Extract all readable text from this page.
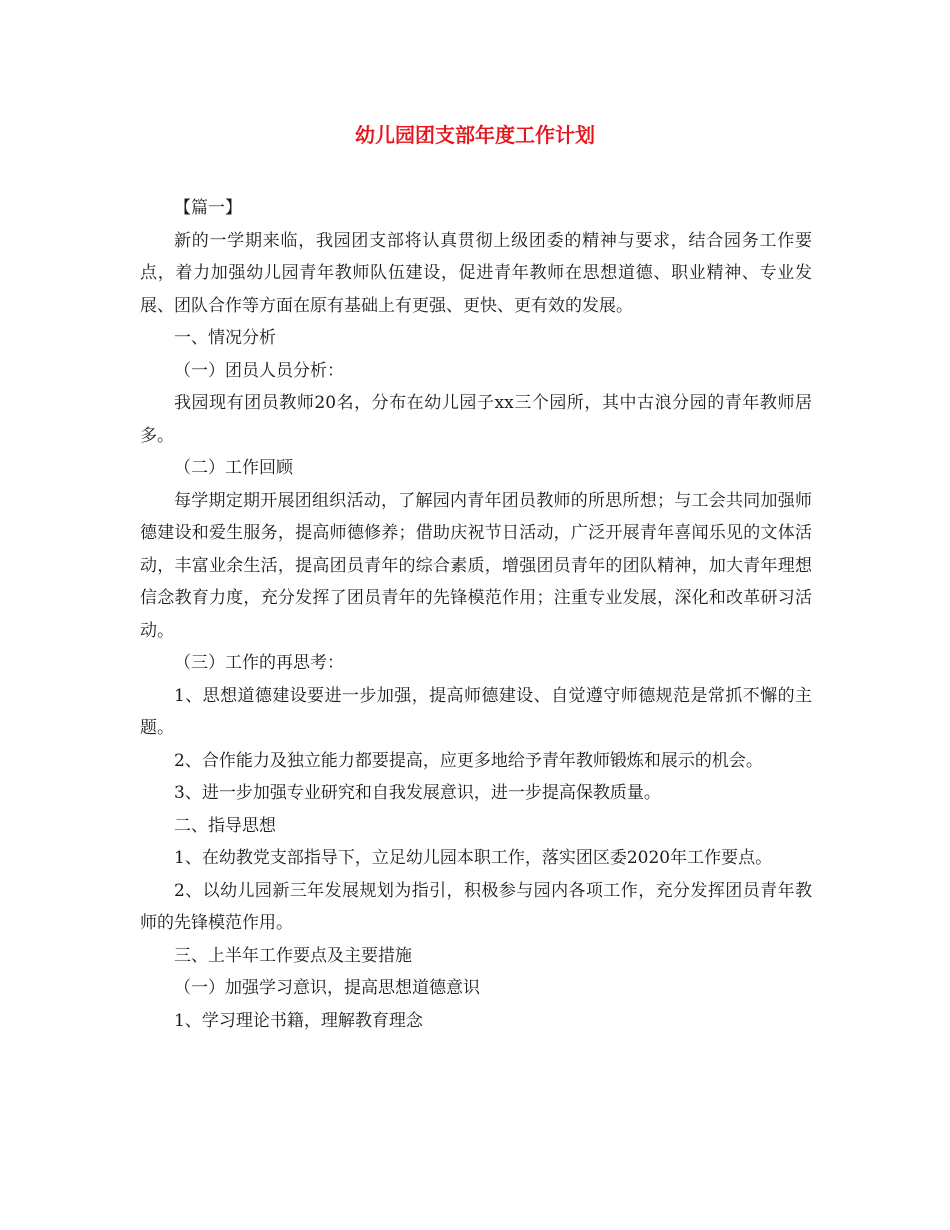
幼儿园团支部年度工作计划

【篇一】

新的一学期来临，我园团支部将认真贯彻上级团委的精神与要求，结合园务工作要点，着力加强幼儿园青年教师队伍建设，促进青年教师在思想道德、职业精神、专业发展、团队合作等方面在原有基础上有更强、更快、更有效的发展。

一、情况分析

（一）团员人员分析：

我园现有团员教师20名，分布在幼儿园子xx三个园所，其中古浪分园的青年教师居多。

（二）工作回顾

每学期定期开展团组织活动，了解园内青年团员教师的所思所想；与工会共同加强师德建设和爱生服务，提高师德修养；借助庆祝节日活动，广泛开展青年喜闻乐见的文体活动，丰富业余生活，提高团员青年的综合素质，增强团员青年的团队精神，加大青年理想信念教育力度，充分发挥了团员青年的先锋模范作用；注重专业发展，深化和改革研习活动。

（三）工作的再思考：

1、思想道德建设要进一步加强，提高师德建设、自觉遵守师德规范是常抓不懈的主题。

2、合作能力及独立能力都要提高，应更多地给予青年教师锻炼和展示的机会。

3、进一步加强专业研究和自我发展意识，进一步提高保教质量。

二、指导思想

1、在幼教党支部指导下，立足幼儿园本职工作，落实团区委2020年工作要点。

2、以幼儿园新三年发展规划为指引，积极参与园内各项工作，充分发挥团员青年教师的先锋模范作用。

三、上半年工作要点及主要措施

（一）加强学习意识，提高思想道德意识

1、学习理论书籍，理解教育理念
